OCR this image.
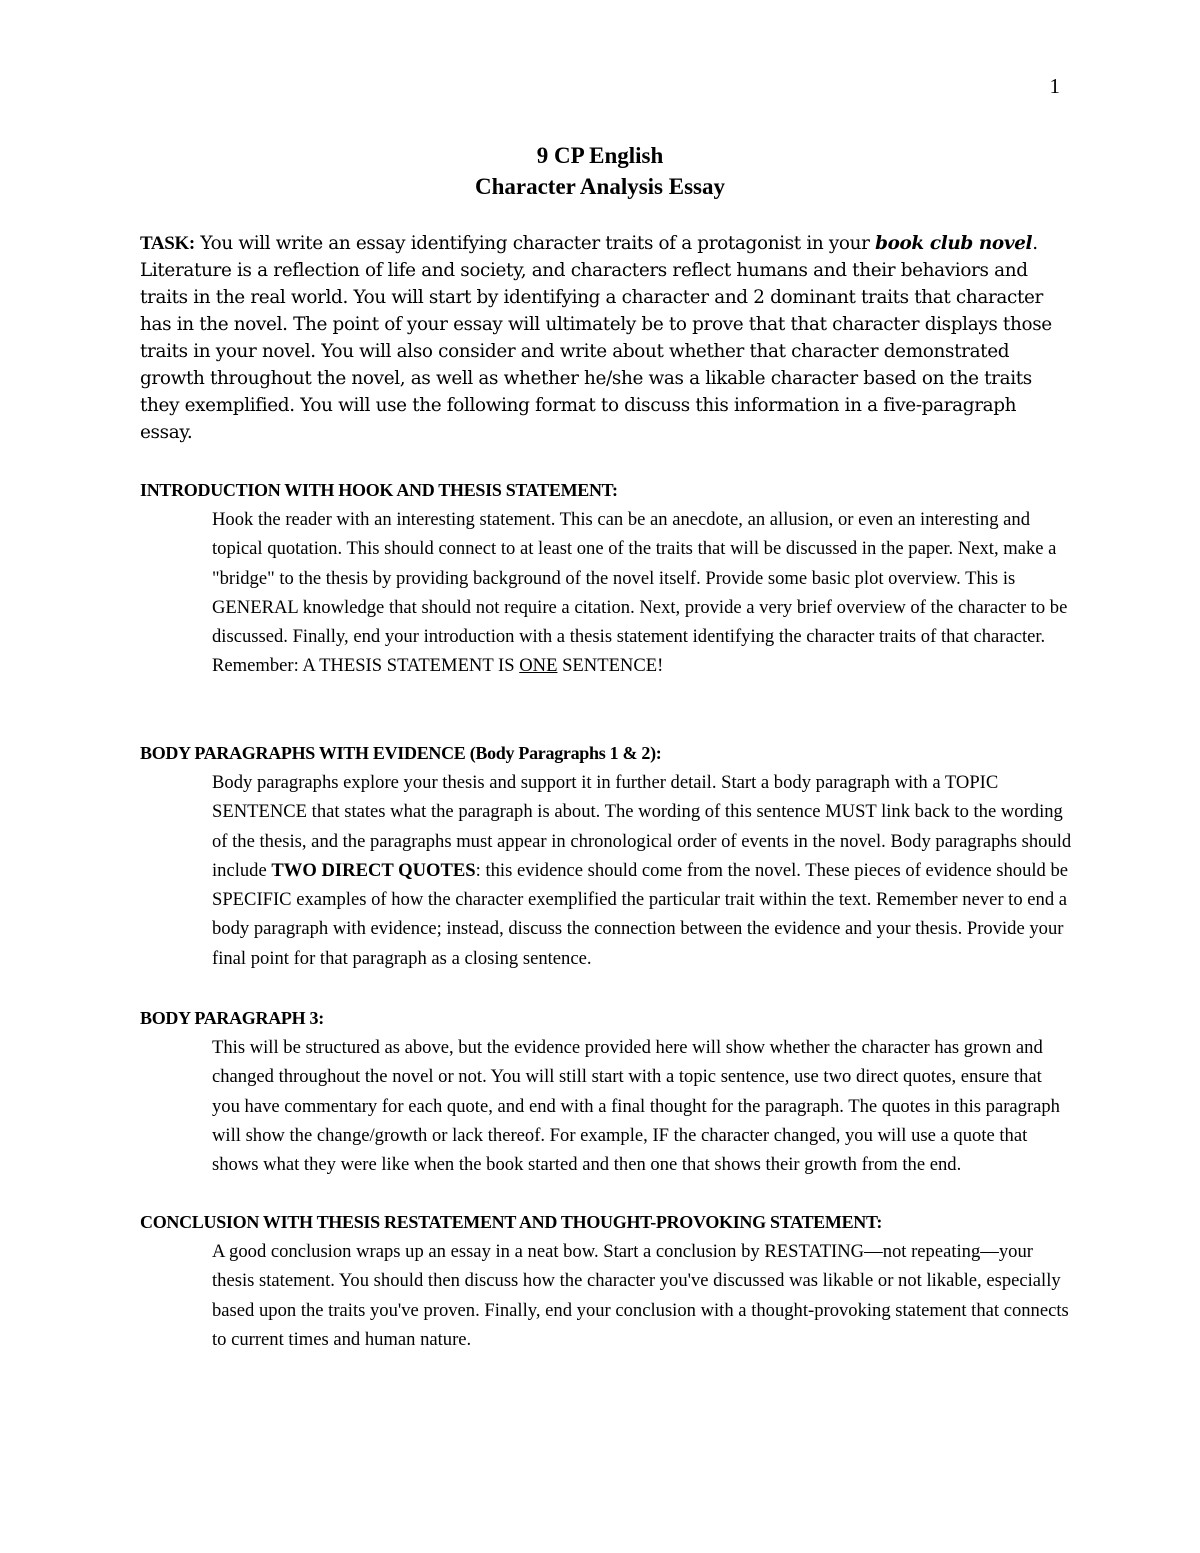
1
9 CP English
Character Analysis Essay

TASK: You will write an essay identifying character traits of a protagonist in your book club novel. Literature is a reflection of life and society, and characters reflect humans and their behaviors and traits in the real world. You will start by identifying a character and 2 dominant traits that character has in the novel. The point of your essay will ultimately be to prove that that character displays those traits in your novel. You will also consider and write about whether that character demonstrated growth throughout the novel, as well as whether he/she was a likable character based on the traits they exemplified. You will use the following format to discuss this information in a five-paragraph essay.

INTRODUCTION WITH HOOK AND THESIS STATEMENT:

Hook the reader with an interesting statement. This can be an anecdote, an allusion, or even an interesting and topical quotation. This should connect to at least one of the traits that will be discussed in the paper. Next, make a "bridge" to the thesis by providing background of the novel itself. Provide some basic plot overview. This is GENERAL knowledge that should not require a citation. Next, provide a very brief overview of the character to be discussed. Finally, end your introduction with a thesis statement identifying the character traits of that character.
Remember: A THESIS STATEMENT IS ONE SENTENCE!

BODY PARAGRAPHS WITH EVIDENCE (Body Paragraphs 1 & 2):

Body paragraphs explore your thesis and support it in further detail. Start a body paragraph with a TOPIC SENTENCE that states what the paragraph is about. The wording of this sentence MUST link back to the wording of the thesis, and the paragraphs must appear in chronological order of events in the novel. Body paragraphs should include TWO DIRECT QUOTES: this evidence should come from the novel. These pieces of evidence should be SPECIFIC examples of how the character exemplified the particular trait within the text. Remember never to end a body paragraph with evidence; instead, discuss the connection between the evidence and your thesis. Provide your final point for that paragraph as a closing sentence.

BODY PARAGRAPH 3:

This will be structured as above, but the evidence provided here will show whether the character has grown and changed throughout the novel or not. You will still start with a topic sentence, use two direct quotes, ensure that you have commentary for each quote, and end with a final thought for the paragraph. The quotes in this paragraph will show the change/growth or lack thereof. For example, IF the character changed, you will use a quote that shows what they were like when the book started and then one that shows their growth from the end.

CONCLUSION WITH THESIS RESTATEMENT AND THOUGHT-PROVOKING STATEMENT:

A good conclusion wraps up an essay in a neat bow. Start a conclusion by RESTATING—not repeating—your thesis statement. You should then discuss how the character you've discussed was likable or not likable, especially based upon the traits you've proven. Finally, end your conclusion with a thought-provoking statement that connects to current times and human nature.
